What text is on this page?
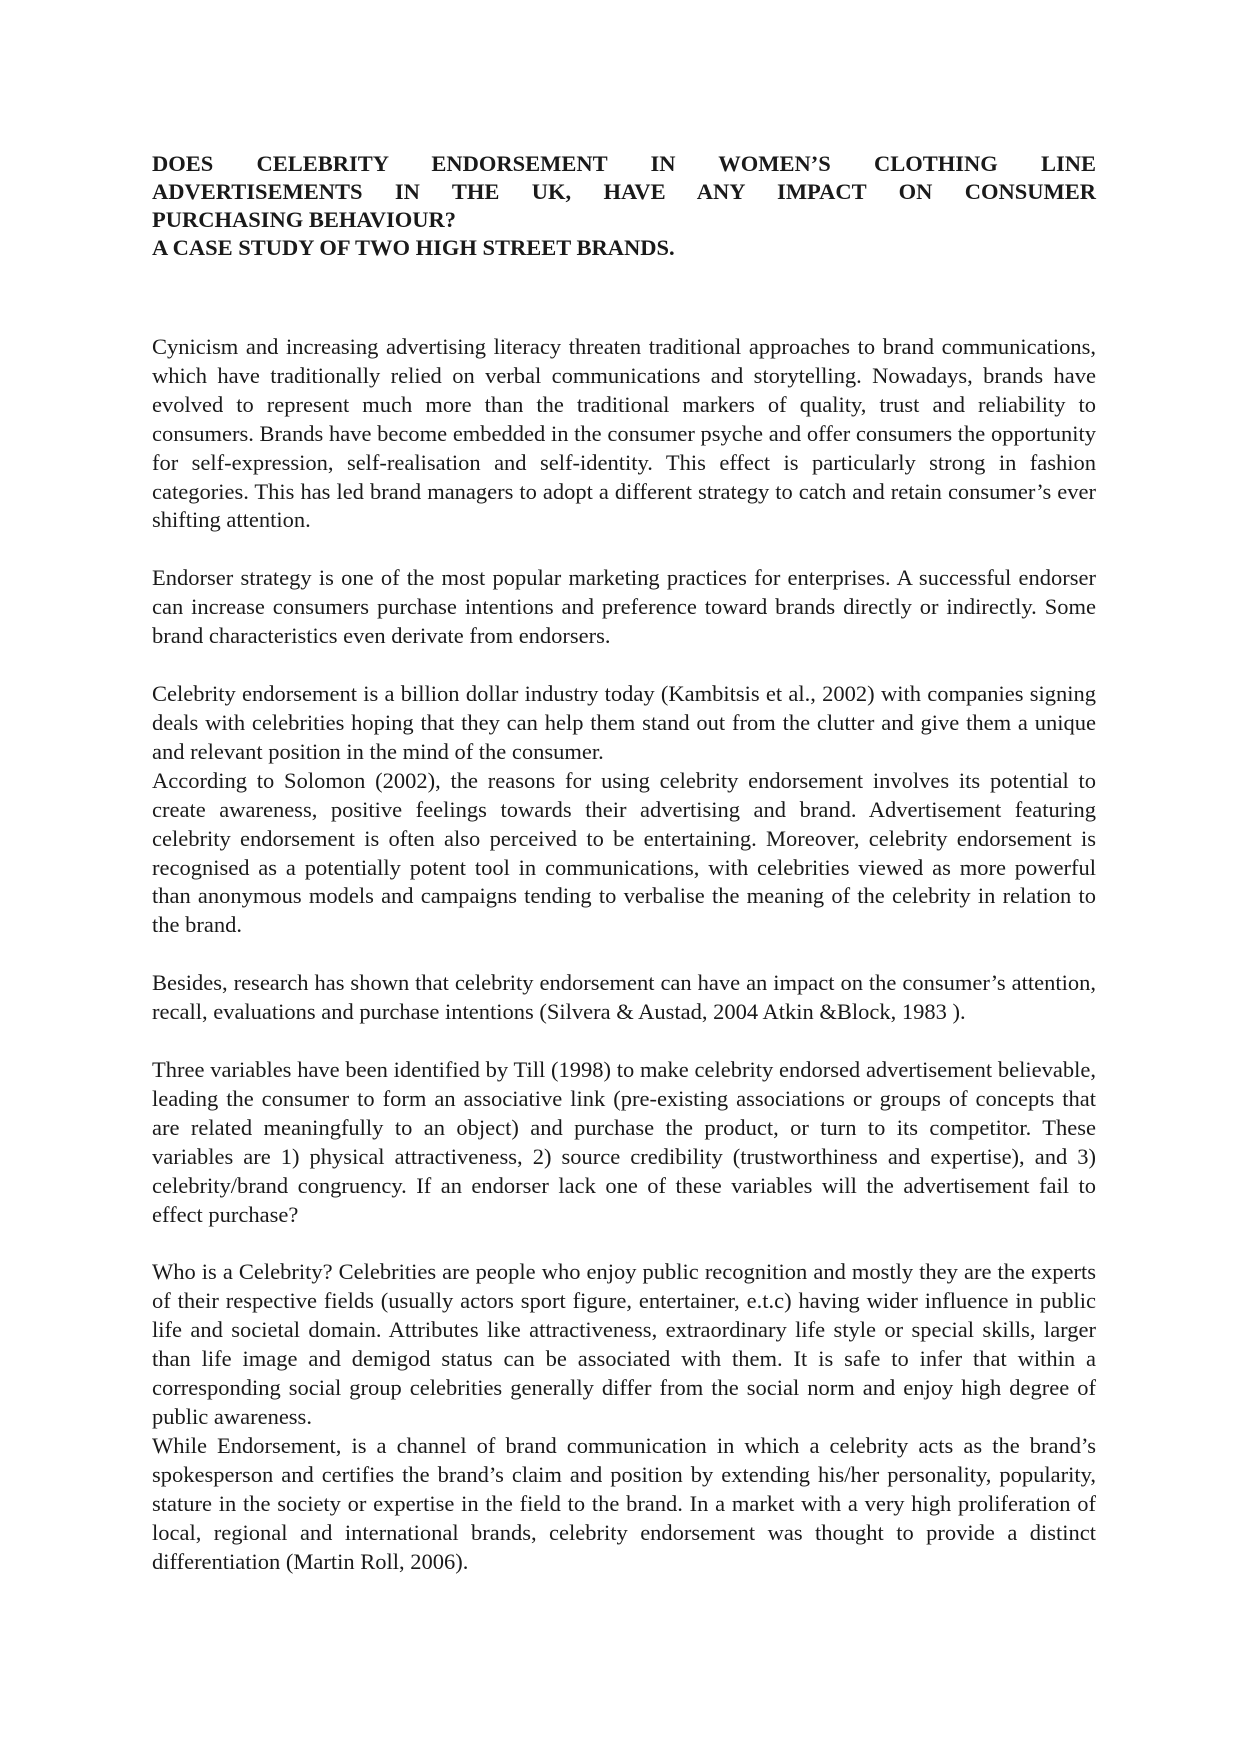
DOES CELEBRITY ENDORSEMENT IN WOMEN’S CLOTHING LINE
ADVERTISEMENTS IN THE UK, HAVE ANY IMPACT ON CONSUMER
PURCHASING BEHAVIOUR?
A CASE STUDY OF TWO HIGH STREET BRANDS.

Cynicism and increasing advertising literacy threaten traditional approaches to brand communications, which have traditionally relied on verbal communications and storytelling. Nowadays, brands have evolved to represent much more than the traditional markers of quality, trust and reliability to consumers. Brands have become embedded in the consumer psyche and offer consumers the opportunity for self-expression, self-realisation and self-identity. This effect is particularly strong in fashion categories. This has led brand managers to adopt a different strategy to catch and retain consumer’s ever shifting attention.

Endorser strategy is one of the most popular marketing practices for enterprises. A successful endorser can increase consumers purchase intentions and preference toward brands directly or indirectly. Some brand characteristics even derivate from endorsers.

Celebrity endorsement is a billion dollar industry today (Kambitsis et al., 2002) with companies signing deals with celebrities hoping that they can help them stand out from the clutter and give them a unique and relevant position in the mind of the consumer.

According to Solomon (2002), the reasons for using celebrity endorsement involves its potential to create awareness, positive feelings towards their advertising and brand. Advertisement featuring celebrity endorsement is often also perceived to be entertaining. Moreover, celebrity endorsement is recognised as a potentially potent tool in communications, with celebrities viewed as more powerful than anonymous models and campaigns tending to verbalise the meaning of the celebrity in relation to the brand.

Besides, research has shown that celebrity endorsement can have an impact on the consumer’s attention, recall, evaluations and purchase intentions (Silvera & Austad, 2004 Atkin &Block, 1983 ).

Three variables have been identified by Till (1998) to make celebrity endorsed advertisement believable, leading the consumer to form an associative link (pre-existing associations or groups of concepts that are related meaningfully to an object) and purchase the product, or turn to its competitor. These variables are 1) physical attractiveness, 2) source credibility (trustworthiness and expertise), and 3) celebrity/brand congruency. If an endorser lack one of these variables will the advertisement fail to effect purchase?

Who is a Celebrity? Celebrities are people who enjoy public recognition and mostly they are the experts of their respective fields (usually actors sport figure, entertainer, e.t.c) having wider influence in public life and societal domain. Attributes like attractiveness, extraordinary life style or special skills, larger than life image and demigod status can be associated with them. It is safe to infer that within a corresponding social group celebrities generally differ from the social norm and enjoy high degree of public awareness.

While Endorsement, is a channel of brand communication in which a celebrity acts as the brand’s spokesperson and certifies the brand’s claim and position by extending his/her personality, popularity, stature in the society or expertise in the field to the brand. In a market with a very high proliferation of local, regional and international brands, celebrity endorsement was thought to provide a distinct differentiation (Martin Roll, 2006).
